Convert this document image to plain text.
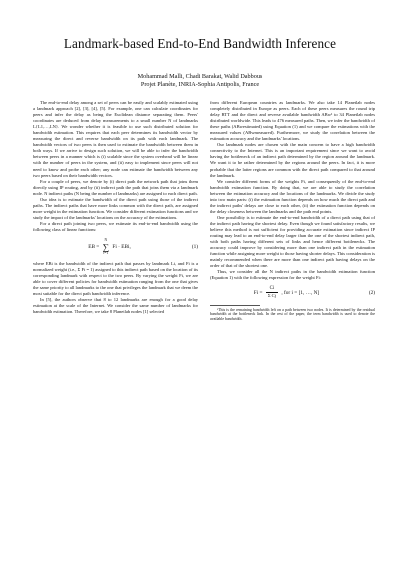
Landmark-based End-to-End Bandwidth Inference
Mohammad Malli, Chadi Barakat, Walid Dabbous
Projet Planète, INRIA-Sophia Antipolis, France

The end-to-end delay among a set of peers can be easily and scalably estimated using a landmark approach [2], [3], [4], [5]. For example, one can calculate coordinates for peers and infer the delay as being the Euclidean distance separating them. Peers' coordinates are deduced from delay measurements to a small number N of landmarks L{L1,…,LN}. We wonder whether it is feasible to use such distributed solution for bandwidth estimation. This requires that each peer determines its bandwidth vector by measuring the direct and reverse bandwidth on its path with each landmark. The bandwidth vectors of two peers is then used to estimate the bandwidth between them in both ways. If we arrive to design such solution, we will be able to infer the bandwidth between peers in a manner which is (i) scalable since the system overhead will be linear with the number of peers in the system, and (ii) easy to implement since peers will not need to know and probe each other; any node can estimate the bandwidth between any two peers based on their bandwidth vectors.

For a couple of peers, we denote by (i) direct path the network path that joins them directly using IP routing, and by (ii) indirect path the path that joins them via a landmark node. N indirect paths (N being the number of landmarks) are assigned to each direct path.

Our idea is to estimate the bandwidth of the direct path using those of the indirect paths. The indirect paths that have more links common with the direct path, are assigned more weight in the estimation function. We consider different estimation functions and we study the impact of the landmarks' locations on the accuracy of the estimations.

For a direct path joining two peers, we estimate its end-to-end bandwidth using the following class of linear functions:

EB =
N
∑
i=1
Fi · EBi,	(1)

where EBi is the bandwidth of the indirect path that passes by landmark Li, and Fi is a normalized weight (i.e., Σ Fi = 1) assigned to this indirect path based on the location of its corresponding landmark with respect to the two peers. By varying the weight Fi, we are able to cover different policies for bandwidth estimation ranging from the one that gives the same priority to all landmarks to the one that privileges the landmark that we deem the most suitable for the direct path bandwidth inference.

In [5], the authors observe that 8 to 12 landmarks are enough for a good delay estimation at the scale of the Internet. We consider the same number of landmarks for bandwidth estimation. Therefore, we take 8 Planetlab nodes [1] selected

from different European countries as landmarks. We also take 14 Planetlab nodes completely distributed in Europe as peers. Each of these peers measures the round trip delay RTT and the direct and reverse available bandwidth ABw¹ to 34 Planetlab nodes distributed worldwide. This leads to 476 measured paths. Then, we infer the bandwidth of these paths (ABwestimated) using Equation (1) and we compare the estimations with the measured values (ABwmeasured). Furthermore, we study the correlation between the estimation accuracy and the landmarks' locations.

Our landmark nodes are chosen with the main concern to have a high bandwidth connectivity to the Internet. This is an important requirement since we want to avoid having the bottleneck of an indirect path determined by the region around the landmark. We want it to be rather determined by the regions around the peers. In fact, it is more probable that the latter regions are common with the direct path compared to that around the landmark.

We consider different forms of the weights Fi, and consequently of the end-to-end bandwidth estimation function. By doing that, we are able to study the correlation between the estimation accuracy and the locations of the landmarks. We divide the study into two main parts: (i) the estimation function depends on how much the direct path and the indirect paths' delays are close to each other, (ii) the estimation function depends on the delay closeness between the landmarks and the path end points.

One possibility is to estimate the end-to-end bandwidth of a direct path using that of the indirect path having the shortest delay. Even though we found satisfactory results, we believe this method is not sufficient for providing accurate estimation since indirect IP routing may lead to an end-to-end delay larger than the one of the shortest indirect path, with both paths having different sets of links and hence different bottlenecks. The accuracy could improve by considering more than one indirect path in the estimation function while assigning more weight to those having shorter delays. This consideration is mainly recommended when there are more than one indirect path having delays on the order of that of the shortest one.

Thus, we consider all the N indirect paths in the bandwidth estimation function (Equation 1) with the following expression for the weight Fi:

$Fi = \frac{Ci}{\text{Σ Cj}}$ , for i = [1, …, N]	(2)

¹This is the remaining bandwidth left on a path between two nodes. It is determined by the residual bandwidth at the bottleneck link. In the rest of the paper, the term bandwidth is used to denote the available bandwidth.
